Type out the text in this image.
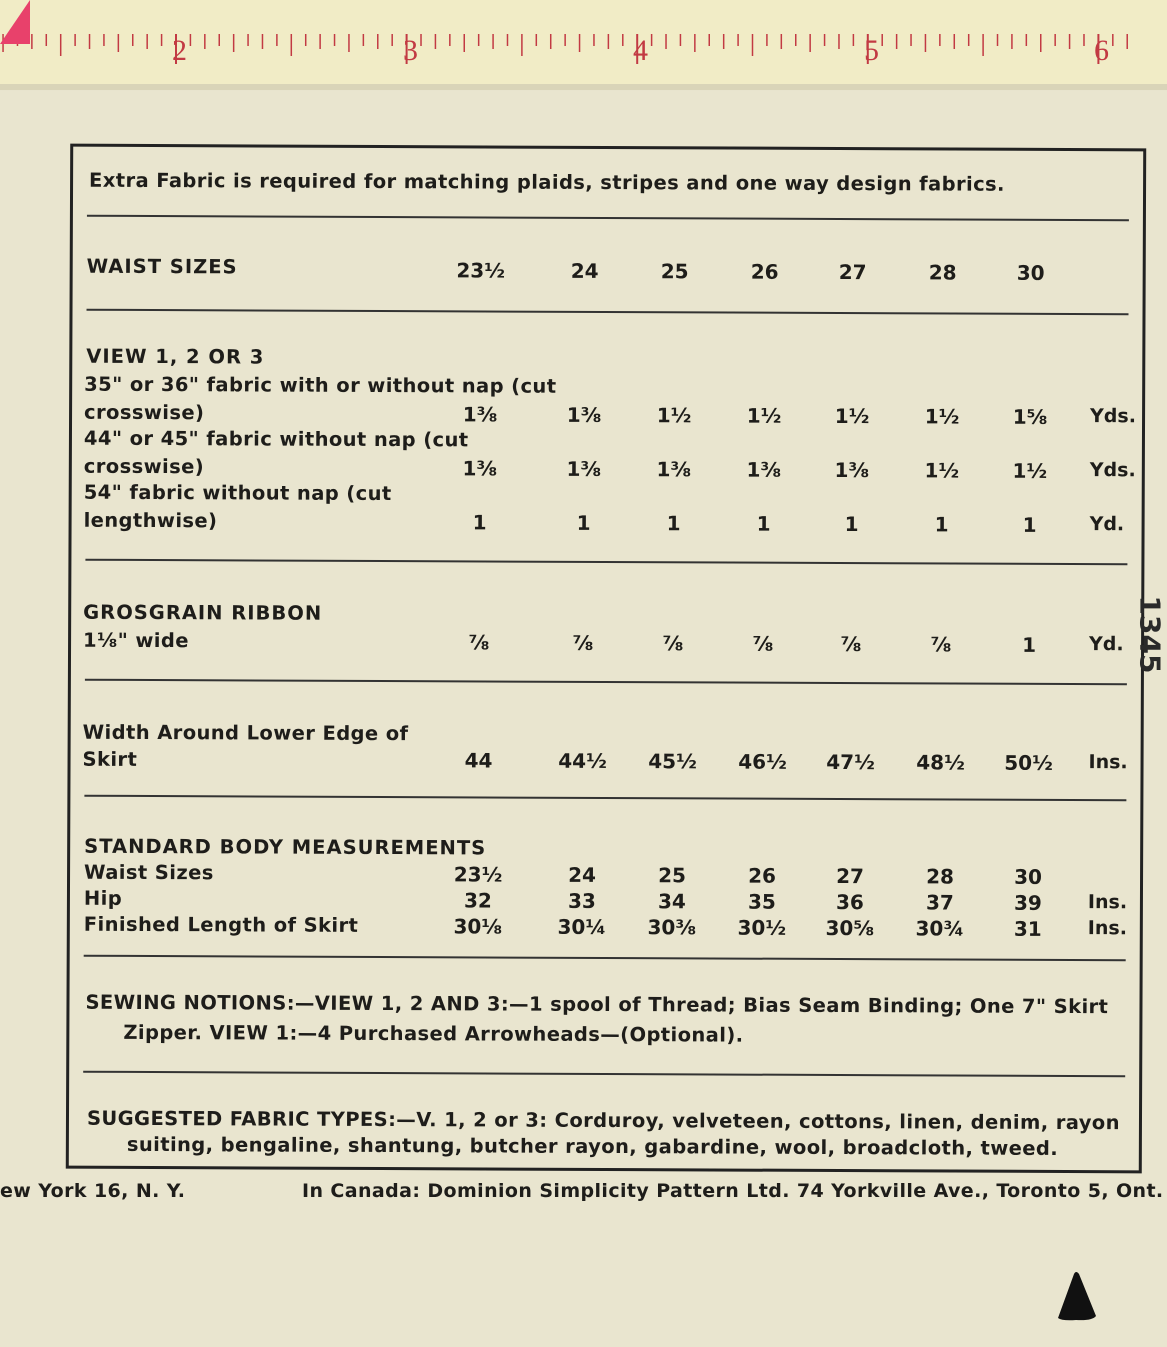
2	3	4	5	6
Extra Fabric is required for matching plaids, stripes and one way design fabrics.
WAIST SIZES	23½	24	25	26	27	28	30
VIEW 1, 2 OR 3
35" or 36" fabric with or without nap (cut
crosswise)	1⅜	1⅜	1½	1½	1½	1½	1⅝	Yds.
44" or 45" fabric without nap (cut
crosswise)	1⅜	1⅜	1⅜	1⅜	1⅜	1½	1½	Yds.
54" fabric without nap (cut
lengthwise)	1	1	1	1	1	1	1	Yd.
GROSGRAIN RIBBON
1⅛" wide	⅞	⅞	⅞	⅞	⅞	⅞	1	Yd.
Width Around Lower Edge of
Skirt	44	44½	45½	46½	47½	48½	50½	Ins.
STANDARD BODY MEASUREMENTS
Waist Sizes	23½	24	25	26	27	28	30
Hip	32	33	34	35	36	37	39	Ins.
Finished Length of Skirt	30⅛	30¼	30⅜	30½	30⅝	30¾	31	Ins.
SEWING NOTIONS:—VIEW 1, 2 AND 3:—1 spool of Thread; Bias Seam Binding; One 7" Skirt
Zipper. VIEW 1:—4 Purchased Arrowheads—(Optional).
SUGGESTED FABRIC TYPES:—V. 1, 2 or 3: Corduroy, velveteen, cottons, linen, denim, rayon
suiting, bengaline, shantung, butcher rayon, gabardine, wool, broadcloth, tweed.
1345
ew York 16, N. Y.	In Canada: Dominion Simplicity Pattern Ltd. 74 Yorkville Ave., Toronto 5, Ont.
